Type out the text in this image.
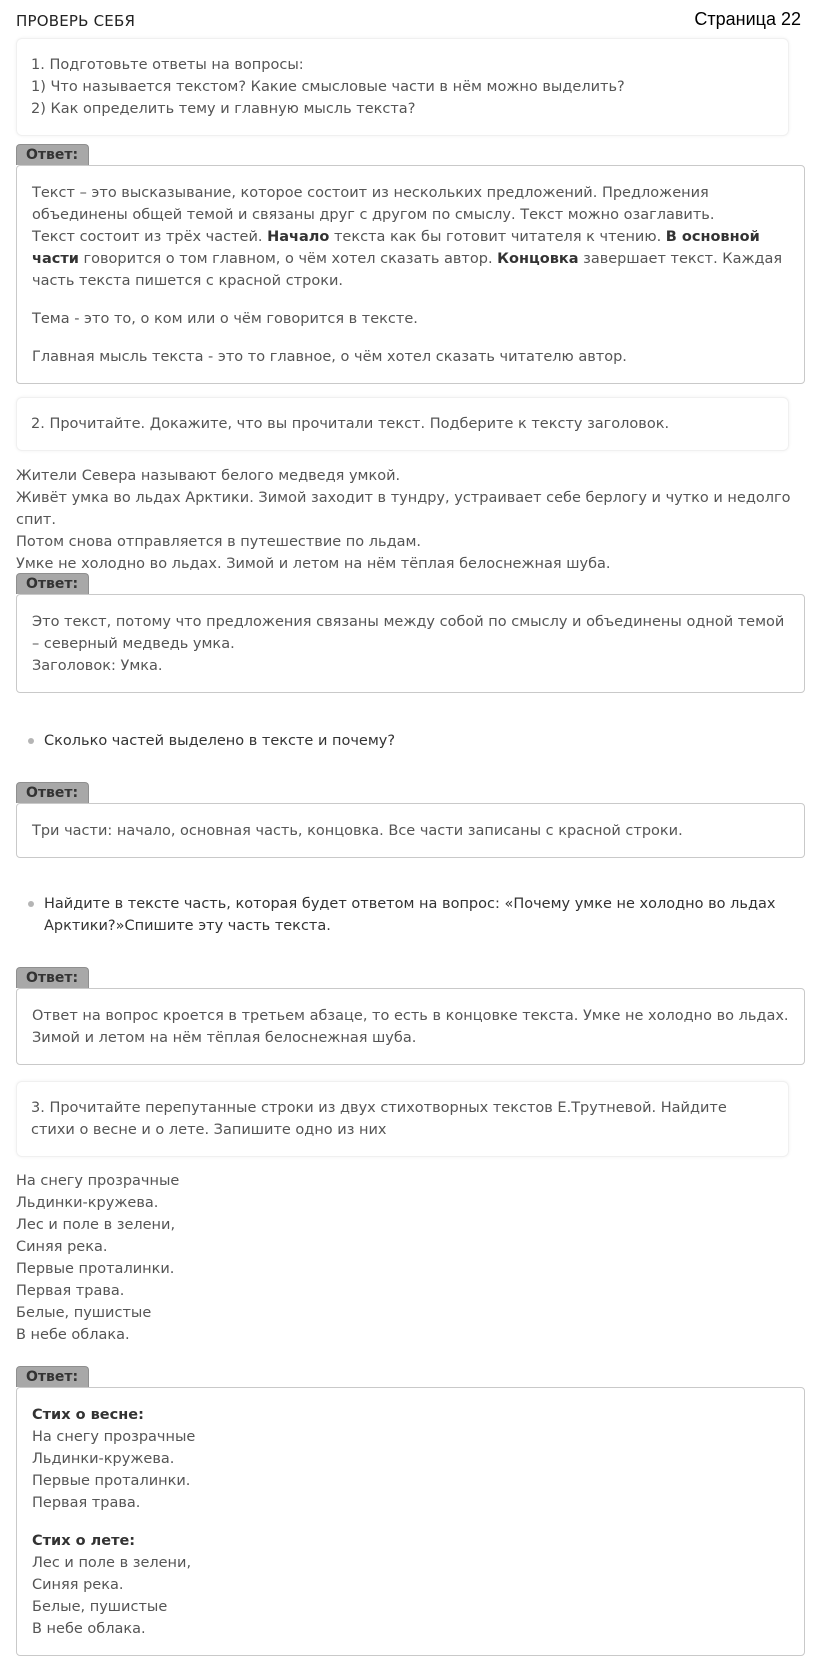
ПРОВЕРЬ СЕБЯ	Страница 22

1. Подготовьте ответы на вопросы:

1) Что называется текстом? Какие смысловые части в нём можно выделить?

2) Как определить тему и главную мысль текста?

Ответ:

Текст – это высказывание, которое состоит из нескольких предложений. Предложения объединены общей темой и связаны друг с другом по смыслу. Текст можно озаглавить.

Текст состоит из трёх частей. Начало текста как бы готовит читателя к чтению. В основной части говорится о том главном, о чём хотел сказать автор. Концовка завершает текст. Каждая часть текста пишется с красной строки.

Тема - это то, о ком или о чём говорится в тексте.

Главная мысль текста - это то главное, о чём хотел сказать читателю автор.

2. Прочитайте. Докажите, что вы прочитали текст. Подберите к тексту заголовок.

Жители Севера называют белого медведя умкой.

Живёт умка во льдах Арктики. Зимой заходит в тундру, устраивает себе берлогу и чутко и недолго спит.

Потом снова отправляется в путешествие по льдам.

Умке не холодно во льдах. Зимой и летом на нём тёплая белоснежная шуба.

Ответ:

Это текст, потому что предложения связаны между собой по смыслу и объединены одной темой – северный медведь умка.

Заголовок: Умка.

Сколько частей выделено в тексте и почему?
Ответ:

Три части: начало, основная часть, концовка. Все части записаны с красной строки.

Найдите в тексте часть, которая будет ответом на вопрос: «Почему умке не холодно во льдах Арктики?»Спишите эту часть текста.
Ответ:

Ответ на вопрос кроется в третьем абзаце, то есть в концовке текста. Умке не холодно во льдах. Зимой и летом на нём тёплая белоснежная шуба.

3. Прочитайте перепутанные строки из двух стихотворных текстов Е.Трутневой. Найдите стихи о весне и о лете. Запишите одно из них

На снегу прозрачные

Льдинки-кружева.

Лес и поле в зелени,

Синяя река.

Первые проталинки.

Первая трава.

Белые, пушистые

В небе облака.

Ответ:

Стих о весне:

На снегу прозрачные

Льдинки-кружева.

Первые проталинки.

Первая трава.

Стих о лете:

Лес и поле в зелени,

Синяя река.

Белые, пушистые

В небе облака.
